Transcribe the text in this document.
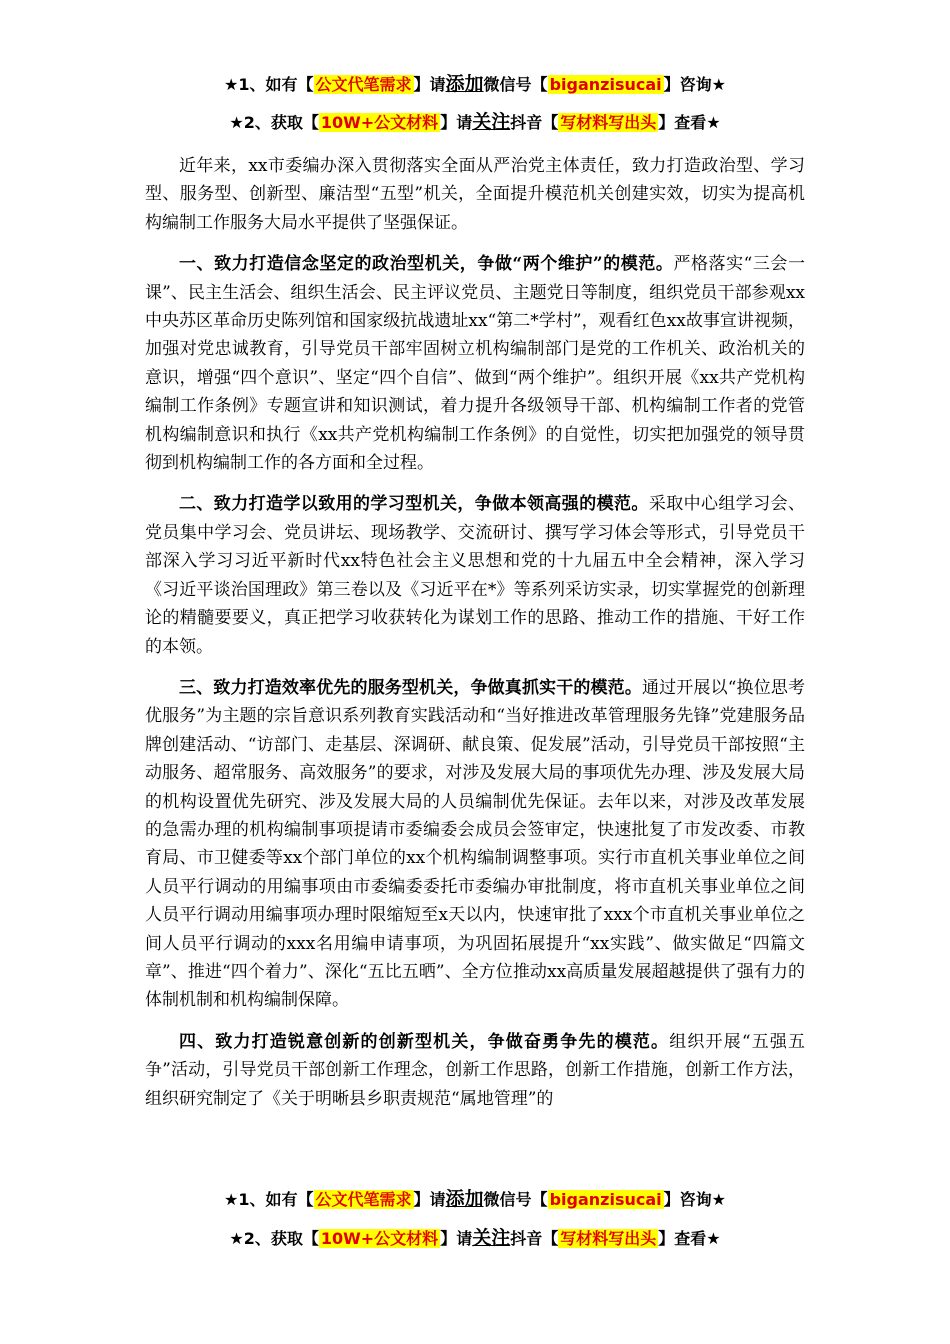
★1、如有【 公文代笔需求 】请添加微信号【 biganzisucai 】咨询★
★2、获取【 10W+公文材料 】请关注抖音【 写材料写出头 】查看★

近年来，xx市委编办深入贯彻落实全面从严治党主体责任，致力打造政治型、学习型、服务型、创新型、廉洁型“五型”机关，全面提升模范机关创建实效，切实为提高机构编制工作服务大局水平提供了坚强保证。

一、致力打造信念坚定的政治型机关，争做“两个维护”的模范。严格落实“三会一课”、民主生活会、组织生活会、民主评议党员、主题党日等制度，组织党员干部参观xx中央苏区革命历史陈列馆和国家级抗战遗址xx“第二*学村”，观看红色xx故事宣讲视频，加强对党忠诚教育，引导党员干部牢固树立机构编制部门是党的工作机关、政治机关的意识，增强“四个意识”、坚定“四个自信”、做到“两个维护”。组织开展《xx共产党机构编制工作条例》专题宣讲和知识测试，着力提升各级领导干部、机构编制工作者的党管机构编制意识和执行《xx共产党机构编制工作条例》的自觉性，切实把加强党的领导贯彻到机构编制工作的各方面和全过程。

二、致力打造学以致用的学习型机关，争做本领高强的模范。采取中心组学习会、党员集中学习会、党员讲坛、现场教学、交流研讨、撰写学习体会等形式，引导党员干部深入学习习近平新时代xx特色社会主义思想和党的十九届五中全会精神，深入学习《习近平谈治国理政》第三卷以及《习近平在*》等系列采访实录，切实掌握党的创新理论的精髓要要义，真正把学习收获转化为谋划工作的思路、推动工作的措施、干好工作的本领。

三、致力打造效率优先的服务型机关，争做真抓实干的模范。通过开展以“换位思考优服务”为主题的宗旨意识系列教育实践活动和“当好推进改革管理服务先锋”党建服务品牌创建活动、“访部门、走基层、深调研、献良策、促发展”活动，引导党员干部按照“主动服务、超常服务、高效服务”的要求，对涉及发展大局的事项优先办理、涉及发展大局的机构设置优先研究、涉及发展大局的人员编制优先保证。去年以来，对涉及改革发展的急需办理的机构编制事项提请市委编委会成员会签审定，快速批复了市发改委、市教育局、市卫健委等xx个部门单位的xx个机构编制调整事项。实行市直机关事业单位之间人员平行调动的用编事项由市委编委委托市委编办审批制度，将市直机关事业单位之间人员平行调动用编事项办理时限缩短至x天以内，快速审批了xxx个市直机关事业单位之间人员平行调动的xxx名用编申请事项，为巩固拓展提升“xx实践”、做实做足“四篇文章”、推进“四个着力”、深化“五比五晒”、全方位推动xx高质量发展超越提供了强有力的体制机制和机构编制保障。

四、致力打造锐意创新的创新型机关，争做奋勇争先的模范。组织开展“五强五争”活动，引导党员干部创新工作理念，创新工作思路，创新工作措施，创新工作方法，组织研究制定了《关于明晰县乡职责规范“属地管理”的

★1、如有【 公文代笔需求 】请添加微信号【 biganzisucai 】咨询★
★2、获取【 10W+公文材料 】请关注抖音【 写材料写出头 】查看★
